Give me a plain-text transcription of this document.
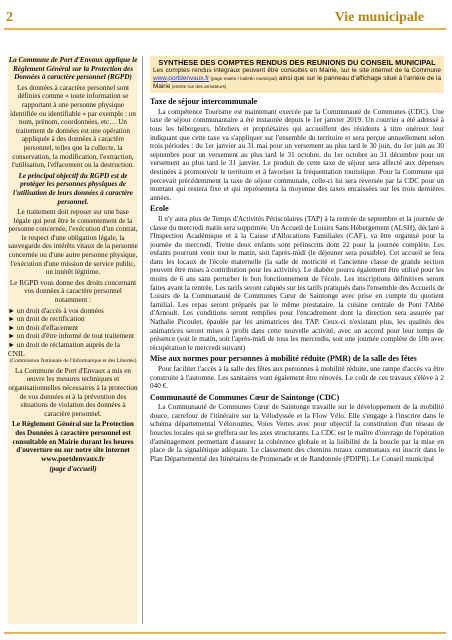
2	Vie municipale

La Commune de Port d'Envaux applique le Règlement Général sur la Protection des Données à caractère personnel (RGPD)

Les données à caractère personnel sont définies comme « toute information se rapportant à une personne physique identifiée ou identifiable » par exemple : un nom, prénom, coordonnées, etc… Un traitement de données est une opération appliquée à des données à caractère personnel, telles que la collecte, la conservation, la modification, l'extraction, l'utilisation, l'effacement ou la destruction.

Le principal objectif du RGPD est de protéger les personnes physiques de l'utilisation de leurs données à caractère personnel.

Le traitement doit reposer sur une base légale qui peut être le consentement de la personne concernée, l'exécution d'un contrat, le respect d'une obligation légale, la sauvegarde des intérêts vitaux de la personne concernée ou d'une autre personne physique, l'exécution d'une mission de service public, un intérêt légitime.

Le RGPD vous donne des droits concernant vos données à caractère personnel notamment :

► un droit d'accès à vos données
► un droit de rectification
► un droit d'effacement
► un droit d'être informé de tout traitement
► un droit de réclamation auprès de la CNIL

(Commission Nationale de l'Informatique et des Libertés)

La Commune de Port d'Envaux a mis en œuvre les mesures techniques et organisationnelles nécessaires à la protection de vos données et à la prévention des situations de violation des données à caractère personnel.

Le Règlement Général sur la Protection des Données à caractère personnel est consultable en Mairie durant les heures d'ouverture ou sur notre site internet www.portdenvaux.fr

(page d'accueil)

SYNTHESE DES COMPTES RENDUS DES REUNIONS DU CONSEIL MUNICIPAL
Les comptes rendus intégraux peuvent être consultés en Mairie, sur le site internet de la Commune www.portdenvaux.fr (page mairie / bulletin municipal) ainsi que sur le panneau d'affichage situé à l'arrière de la Mairie (entrée rue des armateurs)
Taxe de séjour intercommunale

La compétence Tourisme est maintenant exercée par la Communauté de Communes (CDC). Une taxe de séjour communautaire a été instaurée depuis le 1er janvier 2019. Un courrier a été adressé à tous les hébergeurs, hôteliers et propriétaires qui accueillent des résidents à titre onéreux leur indiquant que cette taxe va s'appliquer sur l'ensemble du territoire et sera perçue annuellement selon trois périodes : du 1er janvier au 31 mai pour un versement au plus tard le 30 juin, du 1er juin au 30 septembre pour un versement au plus tard le 31 octobre, du 1er octobre au 31 décembre pour un versement au plus tard le 31 janvier. Le produit de cette taxe de séjour sera affecté aux dépenses destinées à promouvoir le territoire et à favoriser la fréquentation touristique. Pour la Commune qui percevait précédemment la taxe de séjour communale, celle-ci lui sera reversée par la CDC pour un montant qui restera fixe et qui représentera la moyenne des taxes encaissées sur les trois dernières années.

Ecole

Il n'y aura plus de Temps d'Activités Périscolaires (TAP) à la rentrée de septembre et la journée de classe du mercredi matin sera supprimée. Un Accueil de Loisirs Sans Hébergement (ALSH), déclaré à l'Inspection Académique et à la Caisse d'Allocations Familiales (CAF), va être organisé pour la journée du mercredi. Trente deux enfants sont préinscrits dont 22 pour la journée complète. Les enfants pourront venir tout le matin, soit l'après-midi (le déjeuner sera possible). Cet accueil se fera dans les locaux de l'école maternelle (la salle de motricité et l'ancienne classe de grande section peuvent être mises à contribution pour les activités). Le diabète pourra également être utilisé pour les moins de 6 ans sans perturber le bon fonctionnement de l'école. Les inscriptions définitives seront faites avant la rentrée. Les tarifs seront calqués sur les tarifs pratiqués dans l'ensemble des Accueils de Loisirs de la Communauté de Communes Cœur de Saintonge avec prise en compte du quotient familial. Les repas seront préparés par le même prestataire, la cuisine centrale de Pont l'Abbé d'Arnoult. Les conditions seront remplies pour l'encadrement dont la direction sera assurée par Nathalie Picoulet, épaulée par les animatrices des TAP. Ceux-ci n'existant plus, les qualités des animatrices seront mises à profit dans cette nouvelle activité, avec un accord pour leur temps de présence (soit le matin, soit l'après-midi de tous les mercredis, soit une journée complète de 10h avec récupération le mercredi suivant)

Mise aux normes pour personnes à mobilité réduite (PMR) de la salle des fêtes

Pour faciliter l'accès à la salle des fêtes aux personnes à mobilité réduite, une rampe d'accès va être construite à l'automne. Les sanitaires vont également être rénovés. Le coût de ces travaux s'élève à 2 040 €.

Communauté de Communes Cœur de Saintonge (CDC)

La Communauté de Communes Cœur de Saintonge travaille sur le développement de la mobilité douce, carrefour de l'itinéraire sur la Vélodyssée et la Flow Vélo. Elle s'engage à l'inscrire dans le schéma départemental Vélorouttes, Voies Vertes avec pour objectif la constitution d'un réseau de boucles locales qui se greffera sur les axes structurants. La CDC est le maître d'ouvrage de l'opération d'aménagement permettant d'assurer la cohérence globale et la lisibilité de la boucle par la mise en place de la signalétique adéquate. Le classement des chemins ruraux communaux est inscrit dans le Plan Départemental des Itinéraires de Promenade et de Randonnée (PDIPR). Le Conseil municipal
